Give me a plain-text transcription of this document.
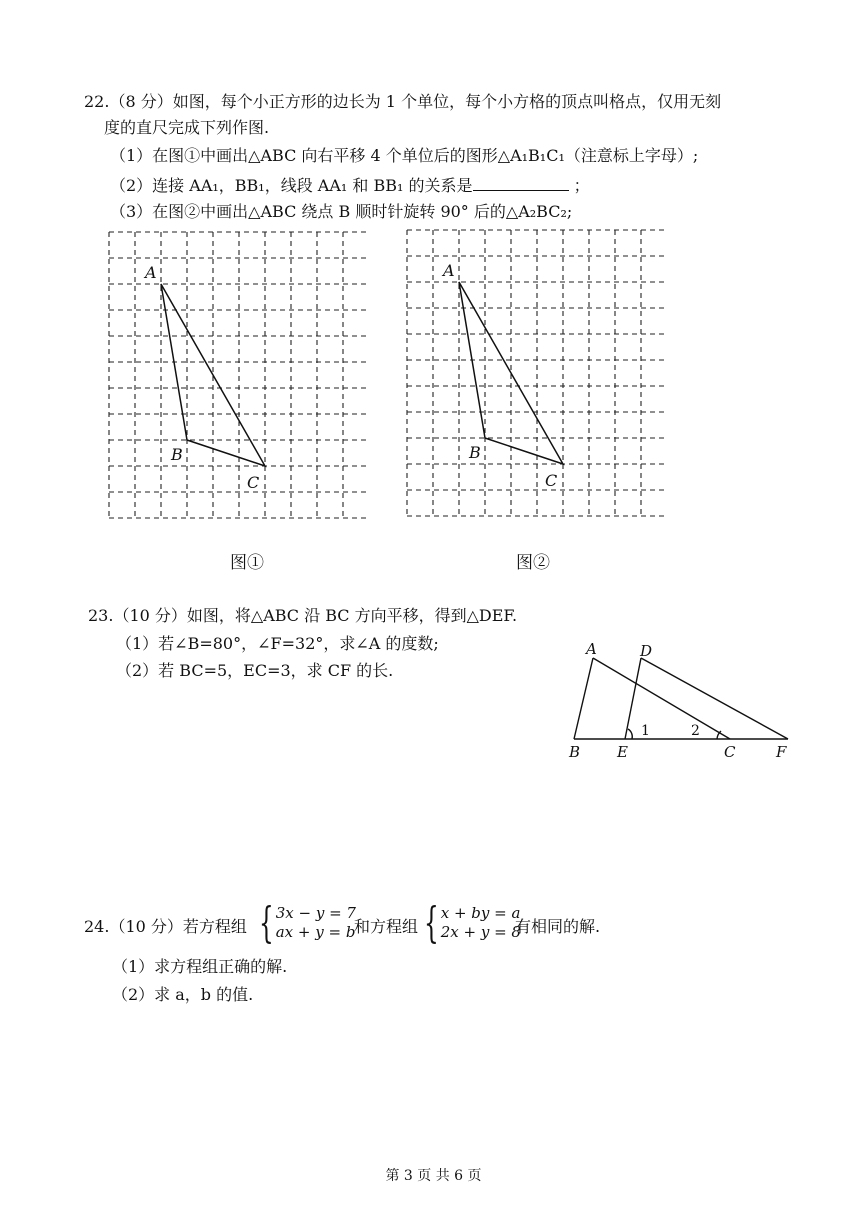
22.（8 分）如图，每个小正方形的边长为 1 个单位，每个小方格的顶点叫格点，仅用无刻
度的直尺完成下列作图.
（1）在图①中画出△ABC 向右平移 4 个单位后的图形△A₁B₁C₁（注意标上字母）;
（2）连接 AA₁，BB₁，线段 AA₁ 和 BB₁ 的关系是	；
（3）在图②中画出△ABC 绕点 B 顺时针旋转 90° 后的△A₂BC₂;
A
B
C
A
B
C
图①	图②
23.（10 分）如图，将△ABC 沿 BC 方向平移，得到△DEF.
（1）若∠B=80°，∠F=32°，求∠A 的度数;
（2）若 BC=5，EC=3，求 CF 的长.
A	D
B E	C	F
1	2
24.（10 分）若方程组 { 3x − y = 7
ax + y = b
和方程组 { x + by = a
2x + y = 8
有相同的解.
（1）求方程组正确的解.
（2）求 a，b 的值.
第 3 页 共 6 页
